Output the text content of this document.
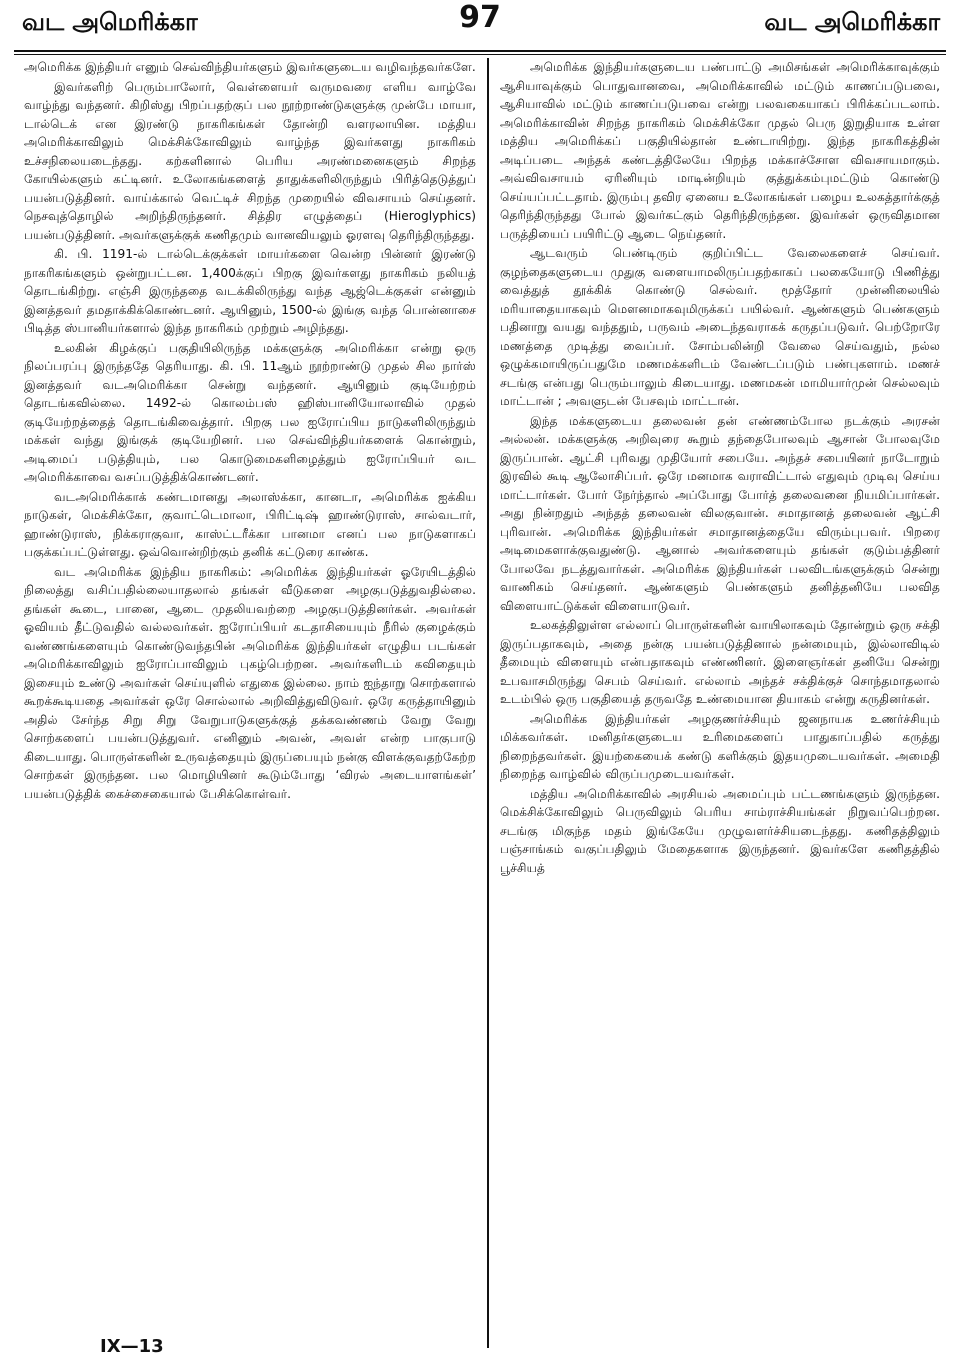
வட அமெரிக்கா	97	வட அமெரிக்கா

அமெரிக்க இந்தியர் எனும் செவ்விந்தியர்களும் இவர்களுடைய வழிவந்தவர்களே.

இவர்களிற் பெரும்பாலோர், வெள்ளையர் வருமவரை எளிய வாழ்வே வாழ்ந்து வந்தனர். கிறிஸ்து பிறப்பதற்குப் பல நூற்றாண்டுகளுக்கு முன்பே மாயா, டால்டெக் என இரண்டு நாகரிகங்கள் தோன்றி வளரலாயின. மத்திய அமெரிக்காவிலும் மெக்சிக்கோவிலும் வாழ்ந்த இவர்களது நாகரிகம் உச்சநிலையடைந்தது. கற்களினால் பெரிய அரண்மனைகளும் சிறந்த கோயில்களும் கட்டினர். உலோகங்களைத் தாதுக்களிலிருந்தும் பிரித்தெடுத்துப் பயன்படுத்தினர். வாய்க்கால் வெட்டிச் சிறந்த முறையில் விவசாயம் செய்தனர். நெசவுத்தொழில் அறிந்திருந்தனர். சித்திர எழுத்தைப் (Hieroglyphics) பயன்படுத்தினர். அவர்களுக்குக் கணிதமும் வானவியலும் ஓரளவு தெரிந்திருந்தது.

கி. பி. 1191-ல் டால்டெக்குக்கள் மாயர்களை வென்ற பின்னர் இரண்டு நாகரிகங்களும் ஒன்றுபட்டன. 1,400க்குப் பிறகு இவர்களது நாகரிகம் நலியத் தொடங்கிற்று. எஞ்சி இருந்ததை வடக்கிலிருந்து வந்த ஆஜ்டெக்குகள் என்னும் இனத்தவர் தமதாக்கிக்கொண்டனர். ஆயினும், 1500-ல் இங்கு வந்த பொன்னாசை பிடித்த ஸ்பானியர்களால் இந்த நாகரிகம் முற்றும் அழிந்தது.

உலகின் கிழக்குப் பகுதியிலிருந்த மக்களுக்கு அமெரிக்கா என்று ஒரு நிலப்பரப்பு இருந்ததே தெரியாது. கி. பி. 11ஆம் நூற்றாண்டு முதல் சில நார்ஸ் இனத்தவர் வடஅமெரிக்கா சென்று வந்தனர். ஆயினும் குடியேற்றம் தொடங்கவில்லை. 1492-ல் கொலம்பஸ் ஹிஸ்பானியோலாவில் முதல் குடியேற்றத்தைத் தொடங்கிவைத்தார். பிறகு பல ஐரோப்பிய நாடுகளிலிருந்தும் மக்கள் வந்து இங்குக் குடியேறினர். பல செவ்விந்தியர்களைக் கொன்றும், அடிமைப் படுத்தியும், பல கொடுமைகளிழைத்தும் ஐரோப்பியர் வட அமெரிக்காவை வசப்படுத்திக்கொண்டனர்.

வடஅமெரிக்காக் கண்டமானது அலாஸ்க்கா, கானடா, அமெரிக்க ஐக்கிய நாடுகள், மெக்சிக்கோ, குவாட்டெமாலா, பிரிட்டிஷ் ஹாண்டுராஸ், சால்வடார், ஹாண்டுராஸ், நிக்கராகுவா, காஸ்ட்டரீக்கா பானமா எனப் பல நாடுகளாகப் பகுக்கப்பட்டுள்ளது. ஒவ்வொன்றிற்கும் தனிக் கட்டுரை காண்க.

வட அமெரிக்க இந்திய நாகரிகம்: அமெரிக்க இந்தியர்கள் ஓரேயிடத்தில் நிலைத்து வசிப்பதில்லையாதலால் தங்கள் வீடுகளை அழகுபடுத்துவதில்லை. தங்கள் கூடை, பானை, ஆடை முதலியவற்றை அழகுபடுத்தினர்கள். அவர்கள் ஓவியம் தீட்டுவதில் வல்லவர்கள். ஐரோப்பியர் கடதாசியையும் நீரில் குழைக்கும் வண்ணங்களையும் கொண்டுவந்தபின் அமெரிக்க இந்தியர்கள் எழுதிய படங்கள் அமெரிக்காவிலும் ஐரோப்பாவிலும் புகழ்பெற்றன. அவர்களிடம் கவிதையும் இசையும் உண்டு அவர்கள் செய்யுளில் எதுகை இல்லை. நாம் ஐந்தாறு சொற்களால் கூறக்கூடியதை அவர்கள் ஒரே சொல்லால் அறிவித்துவிடுவர். ஒரே கருத்தாயினும் அதில் சேர்ந்த சிறு சிறு வேறுபாடுகளுக்குத் தக்கவண்ணம் வேறு வேறு சொற்களைப் பயன்படுத்துவர். எனினும் அவன், அவள் என்ற பாகுபாடு கிடையாது. பொருள்களின் உருவத்தையும் இருப்பையும் நன்கு விளக்குவதற்கேற்ற சொற்கள் இருந்தன. பல மொழியினர் கூடும்போது ‘விரல் அடையாளங்கள்’ பயன்படுத்திக் கைச்சைகையால் பேசிக்கொள்வர்.

அமெரிக்க இந்தியர்களுடைய பண்பாட்டு அமிசங்கள் அமெரிக்காவுக்கும் ஆசியாவுக்கும் பொதுவானவை, அமெரிக்காவில் மட்டும் காணப்படுபவை, ஆசியாவில் மட்டும் காணப்படுபவை என்று பலவகையாகப் பிரிக்கப்படலாம். அமெரிக்காவின் சிறந்த நாகரிகம் மெக்சிக்கோ முதல் பெரு இறுதியாக உள்ள மத்திய அமெரிக்கப் பகுதியில்தான் உண்டாயிற்று. இந்த நாகரிகத்தின் அடிப்படை அந்தக் கண்டத்திலேயே பிறந்த மக்காச்சோள விவசாயமாகும். அவ்விவசாயம் ஏரினியும் மாடின்றியும் குத்துக்கம்புமட்டும் கொண்டு செய்யப்பட்டதாம். இரும்பு தவிர ஏனைய உலோகங்கள் பழைய உலகத்தார்க்குத் தெரிந்திருந்தது போல் இவர்கட்கும் தெரிந்திருந்தன. இவர்கள் ஒருவிதமான பருத்தியைப் பயிரிட்டு ஆடை நெய்தனர்.

ஆடவரும் பெண்டிரும் குறிப்பிட்ட வேலைகளைச் செய்வர். குழந்தைகளுடைய முதுகு வளையாமலிருப்பதற்காகப் பலகையோடு பிணித்து வைத்துத் தூக்கிக் கொண்டு செல்வர். மூத்தோர் முன்னிலையில் மரியாதையாகவும் மௌனமாகவுமிருக்கப் பயில்வர். ஆண்களும் பெண்களும் பதினாறு வயது வந்ததும், பருவம் அடைந்தவராகக் கருதப்படுவர். பெற்றோரே மணத்தை முடித்து வைப்பர். சோம்பலின்றி வேலை செய்வதும், நல்ல ஒழுக்கமாயிருப்பதுமே மணமக்களிடம் வேண்டப்படும் பண்புகளாம். மணச் சடங்கு என்பது பெரும்பாலும் கிடையாது. மணமகன் மாமியார்முன் செல்லவும் மாட்டான் ; அவளுடன் பேசவும் மாட்டான்.

இந்த மக்களுடைய தலைவன் தன் எண்ணம்போல நடக்கும் அரசன் அல்லன். மக்களுக்கு அறிவுரை கூறும் தந்தைபோலவும் ஆசான் போலவுமே இருப்பான். ஆட்சி புரிவது முதியோர் சபையே. அந்தச் சபையினர் நாடோறும் இரவில் கூடி ஆலோசிப்பர். ஒரே மனமாக வராவிட்டால் எதுவும் முடிவு செய்ய மாட்டார்கள். போர் நேர்ந்தால் அப்போது போர்த் தலைவனை நியமிப்பார்கள். அது நின்றதும் அந்தத் தலைவன் விலகுவான். சமாதானத் தலைவன் ஆட்சி புரிவான். அமெரிக்க இந்தியர்கள் சமாதானத்தையே விரும்புபவர். பிறரை அடிமைகளாக்குவதுண்டு. ஆனால் அவர்களையும் தங்கள் குடும்பத்தினர் போலவே நடத்துவார்கள். அமெரிக்க இந்தியர்கள் பலவிடங்களுக்கும் சென்று வாணிகம் செய்தனர். ஆண்களும் பெண்களும் தனித்தனியே பலவித விளையாட்டுக்கள் விளையாடுவர்.

உலகத்திலுள்ள எல்லாப் பொருள்களின் வாயிலாகவும் தோன்றும் ஒரு சக்தி இருப்பதாகவும், அதை நன்கு பயன்படுத்தினால் நன்மையும், இல்லாவிடில் தீமையும் விளையும் என்பதாகவும் எண்ணினர். இளைஞர்கள் தனியே சென்று உபவாசமிருந்து செபம் செய்வர். எல்லாம் அந்தச் சக்திக்குச் சொந்தமாதலால் உடம்பில் ஒரு பகுதியைத் தருவதே உண்மையான தியாகம் என்று கருதினர்கள்.

அமெரிக்க இந்தியர்கள் அழகுணர்ச்சியும் ஜனநாயக உணர்ச்சியும் மிக்கவர்கள். மனிதர்களுடைய உரிமைகளைப் பாதுகாப்பதில் கருத்து நிறைந்தவர்கள். இயற்கையைக் கண்டு களிக்கும் இதயமுடையவர்கள். அமைதி நிறைந்த வாழ்வில் விருப்பமுடையவர்கள்.

மத்திய அமெரிக்காவில் அரசியல் அமைப்பும் பட்டணங்களும் இருந்தன. மெக்சிக்கோவிலும் பெருவிலும் பெரிய சாம்ராச்சியங்கள் நிறுவப்பெற்றன. சடங்கு மிகுந்த மதம் இங்கேயே முழுவளர்ச்சியடைந்தது. கணிதத்திலும் பஞ்சாங்கம் வகுப்பதிலும் மேதைகளாக இருந்தனர். இவர்களே கணிதத்தில் பூச்சியத்

IX—13
